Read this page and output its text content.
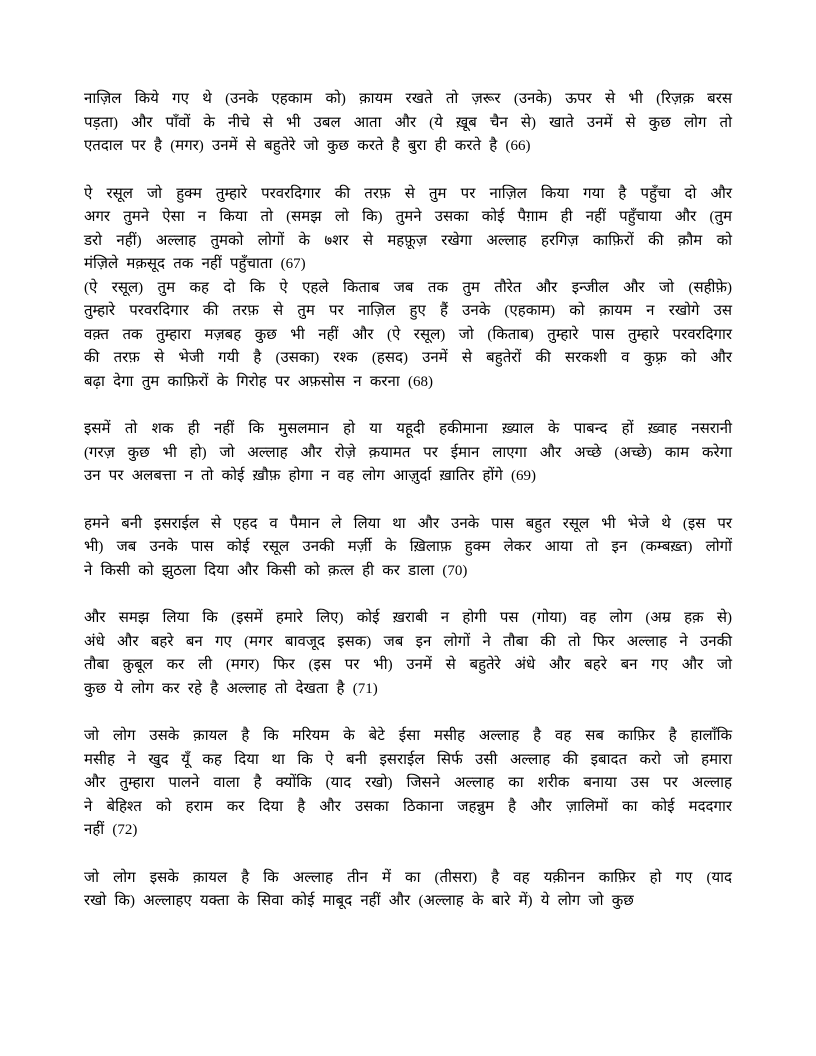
नाज़िल किये गए थे (उनके एहकाम को) क़ायम रखते तो ज़रूर (उनके) ऊपर से भी (रिज़क़ बरस
पड़ता) और पाँवों के नीचे से भी उबल आता और (ये ख़ूब चैन से) खाते उनमें से कुछ लोग तो
एतदाल पर है (मगर) उनमें से बहुतेरे जो कुछ करते है बुरा ही करते है (66)
ऐ रसूल जो हुक्म तुम्हारे परवरदिगार की तरफ़ से तुम पर नाज़िल किया गया है पहुँचा दो और
अगर तुमने ऐसा न किया तो (समझ लो कि) तुमने उसका कोई पैग़ाम ही नहीं पहुँचाया और (तुम
डरो नहीं) अल्लाह तुमको लोगों के ७शर से महफ़ूज़ रखेगा अल्लाह हरगिज़ काफ़िरों की क़ौम को
मंज़िले मक़सूद तक नहीं पहुँचाता (67)
(ऐ रसूल) तुम कह दो कि ऐ एहले किताब जब तक तुम तौरेत और इन्जील और जो (सहीफ़े)
तुम्हारे परवरदिगार की तरफ़ से तुम पर नाज़िल हुए हैं उनके (एहकाम) को क़ायम न रखोगे उस
वक़्त तक तुम्हारा मज़बह कुछ भी नहीं और (ऐ रसूल) जो (किताब) तुम्हारे पास तुम्हारे परवरदिगार
की तरफ़ से भेजी गयी है (उसका) रश्क (हसद) उनमें से बहुतेरों की सरकशी व कुफ़्र को और
बढ़ा देगा तुम काफ़िरों के गिरोह पर अफ़सोस न करना (68)
इसमें तो शक ही नहीं कि मुसलमान हो या यहूदी हकीमाना ख़्याल के पाबन्द हों ख़्वाह नसरानी
(गरज़ कुछ भी हो) जो अल्लाह और रोज़े क़यामत पर ईमान लाएगा और अच्छे (अच्छे) काम करेगा
उन पर अलबत्ता न तो कोई ख़ौफ़ होगा न वह लोग आज़ुर्दा ख़ातिर होंगे (69)
हमने बनी इसराईल से एहद व पैमान ले लिया था और उनके पास बहुत रसूल भी भेजे थे (इस पर
भी) जब उनके पास कोई रसूल उनकी मर्ज़ी के ख़िलाफ़ हुक्म लेकर आया तो इन (कम्बख़्त) लोगों
ने किसी को झुठला दिया और किसी को क़त्ल ही कर डाला (70)
और समझ लिया कि (इसमें हमारे लिए) कोई ख़राबी न होगी पस (गोया) वह लोग (अम्र हक़ से)
अंधे और बहरे बन गए (मगर बावजूद इसक) जब इन लोगों ने तौबा की तो फिर अल्लाह ने उनकी
तौबा क़ुबूल कर ली (मगर) फिर (इस पर भी) उनमें से बहुतेरे अंधे और बहरे बन गए और जो
कुछ ये लोग कर रहे है अल्लाह तो देखता है (71)
जो लोग उसके क़ायल है कि मरियम के बेटे ईसा मसीह अल्लाह है वह सब काफ़िर है हालाँकि
मसीह ने खुद यूँ कह दिया था कि ऐ बनी इसराईल सिर्फ उसी अल्लाह की इबादत करो जो हमारा
और तुम्हारा पालने वाला है क्योंकि (याद रखो) जिसने अल्लाह का शरीक बनाया उस पर अल्लाह
ने बेहिश्त को हराम कर दिया है और उसका ठिकाना जहन्नुम है और ज़ालिमों का कोई मददगार
नहीं (72)
जो लोग इसके क़ायल है कि अल्लाह तीन में का (तीसरा) है वह यक़ीनन काफ़िर हो गए (याद
रखो कि) अल्लाहए यक्ता के सिवा कोई माबूद नहीं और (अल्लाह के बारे में) ये लोग जो कुछ
